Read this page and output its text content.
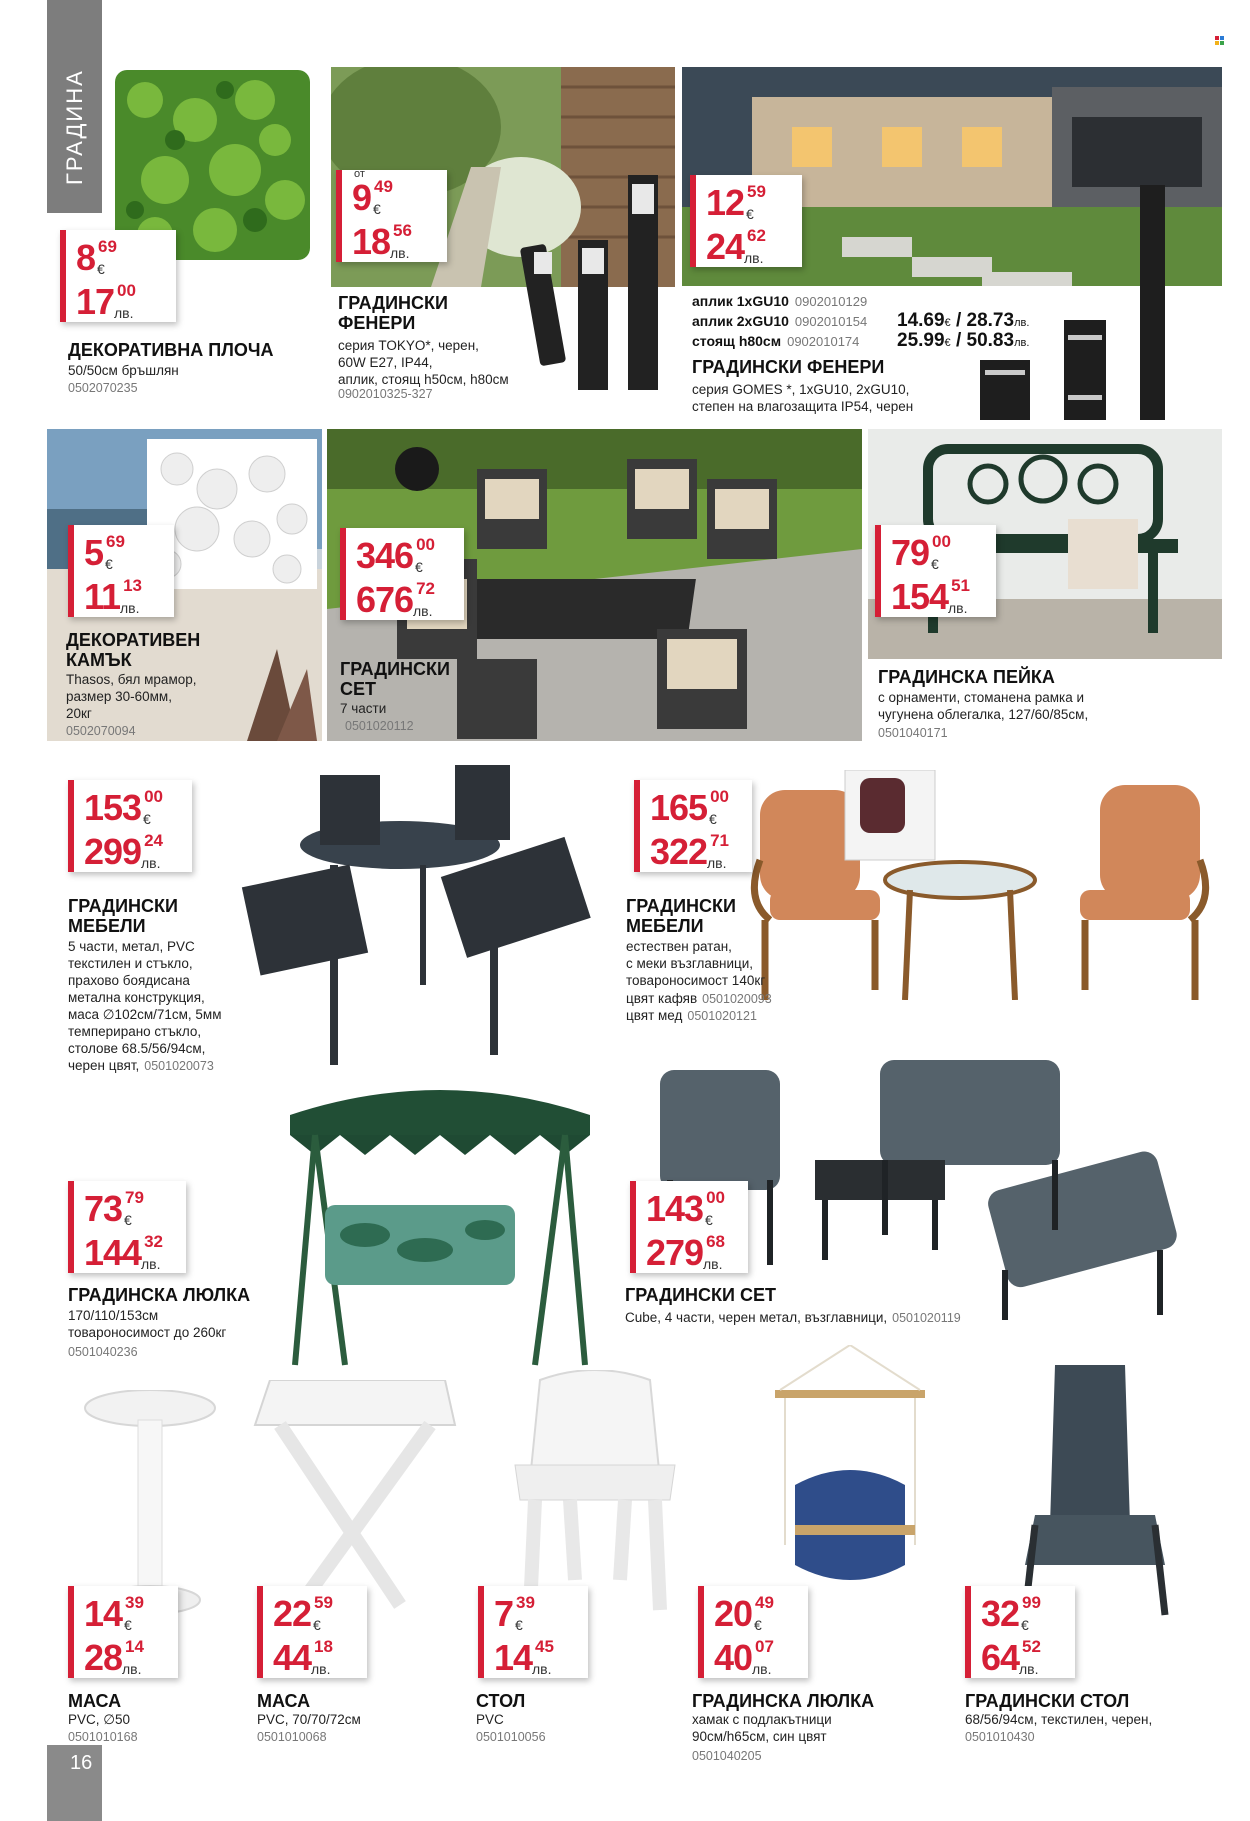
ГРАДИНА
16
8 69
€
17 00
лв.
ДЕКОРАТИВНА ПЛОЧА
50/50см бръшлян
0502070235
от
9 49
€
18 56
лв.
ГРАДИНСКИ
ФЕНЕРИ
серия TOKYO*, черен,
60W E27, IP44,
аплик, стоящ h50см, h80см
0902010325-327
12 59
€
24 62
лв.
ГРАДИНСКИ ФЕНЕРИ
серия GOMES *, 1xGU10, 2xGU10,
степен на влагозащита IP54, черен
5 69
€
11 13
лв.
ДЕКОРАТИВЕН
КАМЪК
Thasos, бял мрамор,
размер 30-60мм,
20кг
0502070094
346 00
€
676 72
лв.
ГРАДИНСКИ
СЕТ
7 части
0501020112
79 00
€
154 51
лв.
ГРАДИНСКА ПЕЙКА
с орнаменти, стоманена рамка и
чугунена облегалка, 127/60/85см,
0501040171
153 00
€
299 24
лв.
ГРАДИНСКИ
МЕБЕЛИ
5 части, метал, PVC
текстилен и стъкло,
прахово боядисана
метална конструкция,
маса ∅102см/71см, 5мм
темперирано стъкло,
столове 68.5/56/94см,
черен цвят, 0501020073
165 00
€
322 71
лв.
ГРАДИНСКИ
МЕБЕЛИ
естествен ратан,
с меки възглавници,
товароносимост 140кг
цвят кафяв 0501020093
цвят мед 0501020121
73 79
€
144 32
лв.
ГРАДИНСКА ЛЮЛКА
170/110/153см
товароносимост до 260кг
0501040236
143 00
€
279 68
лв.
ГРАДИНСКИ СЕТ
Cube, 4 части, черен метал, възглавници, 0501020119
14 39
€
28 14
лв.
МАСА
PVC, ∅50
0501010168
22 59
€
44 18
лв.
МАСА
PVC, 70/70/72см
0501010068
7 39
€
14 45
лв.
СТОЛ
PVC
0501010056
20 49
€
40 07
лв.
ГРАДИНСКА ЛЮЛКА
хамак с подлакътници
90см/h65см, син цвят
0501040205
32 99
€
64 52
лв.
ГРАДИНСКИ СТОЛ
68/56/94см, текстилен, черен,
0501010430
аплик 1xGU10 0902010129
аплик 2xGU10 0902010154 14.69€ / 28.73лв.
стоящ h80см 0902010174 25.99€ / 50.83лв.
